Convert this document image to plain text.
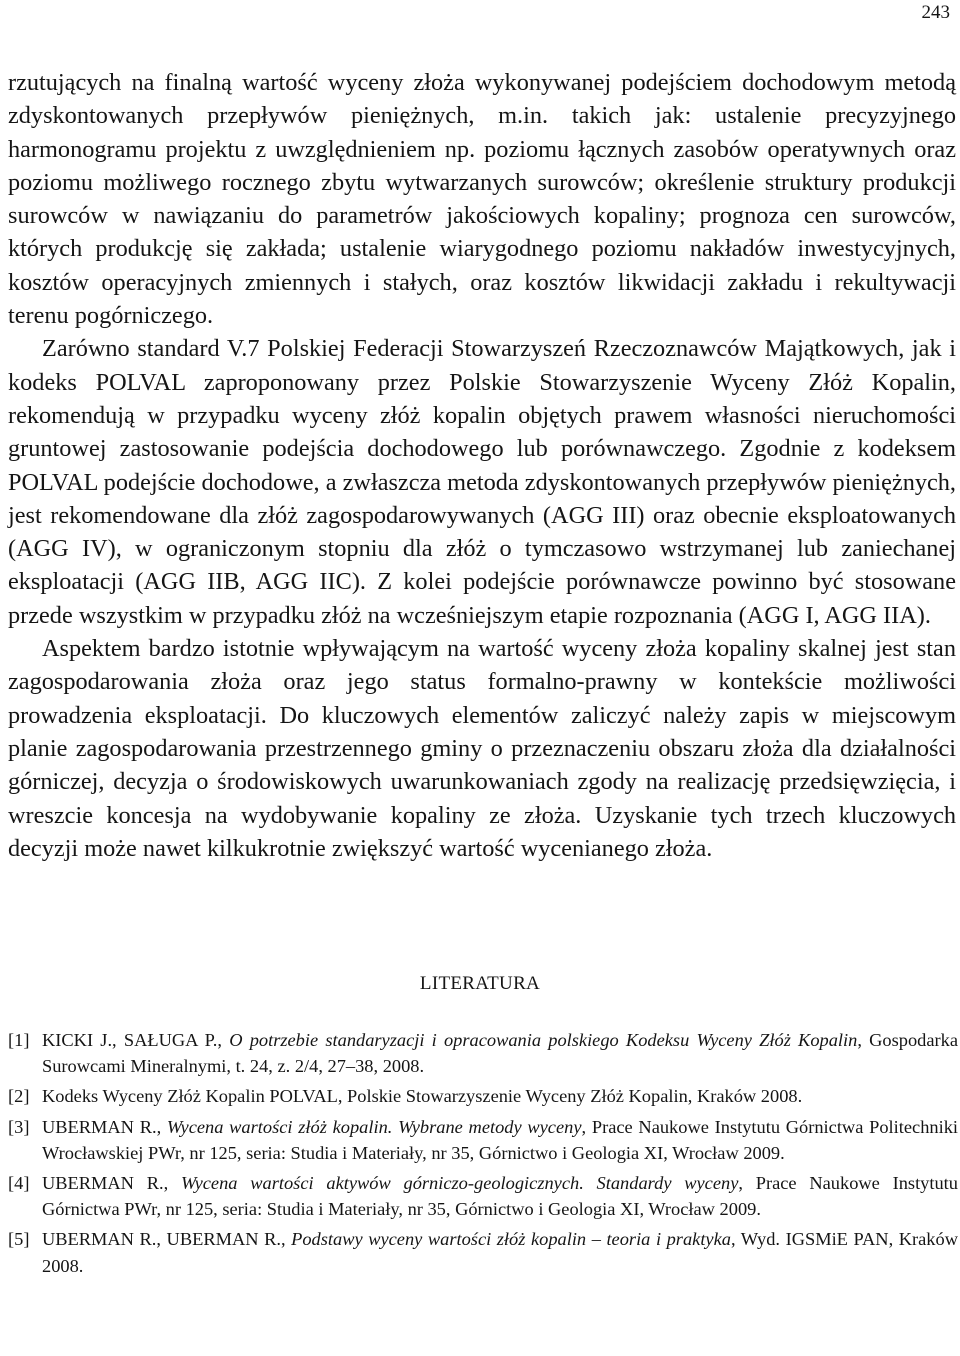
243

rzutujących na finalną wartość wyceny złoża wykonywanej podejściem dochodowym metodą zdyskontowanych przepływów pieniężnych, m.in. takich jak: ustalenie precyzyjnego harmonogramu projektu z uwzględnieniem np. poziomu łącznych zasobów operatywnych oraz poziomu możliwego rocznego zbytu wytwarzanych surowców; określenie struktury produkcji surowców w nawiązaniu do parametrów jakościowych kopaliny; prognoza cen surowców, których produkcję się zakłada; ustalenie wiarygodnego poziomu nakładów inwestycyjnych, kosztów operacyjnych zmiennych i stałych, oraz kosztów likwidacji zakładu i rekultywacji terenu pogórniczego.

Zarówno standard V.7 Polskiej Federacji Stowarzyszeń Rzeczoznawców Majątkowych, jak i kodeks POLVAL zaproponowany przez Polskie Stowarzyszenie Wyceny Złóż Kopalin, rekomendują w przypadku wyceny złóż kopalin objętych prawem własności nieruchomości gruntowej zastosowanie podejścia dochodowego lub porównawczego. Zgodnie z kodeksem POLVAL podejście dochodowe, a zwłaszcza metoda zdyskontowanych przepływów pieniężnych, jest rekomendowane dla złóż zagospodarowywanych (AGG III) oraz obecnie eksploatowanych (AGG IV), w ograniczonym stopniu dla złóż o tymczasowo wstrzymanej lub zaniechanej eksploatacji (AGG IIB, AGG IIC). Z kolei podejście porównawcze powinno być stosowane przede wszystkim w przypadku złóż na wcześniejszym etapie rozpoznania (AGG I, AGG IIA).

Aspektem bardzo istotnie wpływającym na wartość wyceny złoża kopaliny skalnej jest stan zagospodarowania złoża oraz jego status formalno-prawny w kontekście możliwości prowadzenia eksploatacji. Do kluczowych elementów zaliczyć należy zapis w miejscowym planie zagospodarowania przestrzennego gminy o przeznaczeniu obszaru złoża dla działalności górniczej, decyzja o środowiskowych uwarunkowaniach zgody na realizację przedsięwzięcia, i wreszcie koncesja na wydobywanie kopaliny ze złoża. Uzyskanie tych trzech kluczowych decyzji może nawet kilkukrotnie zwiększyć wartość wycenianego złoża.

LITERATURA
[1] KICKI J., SAŁUGA P., O potrzebie standaryzacji i opracowania polskiego Kodeksu Wyceny Złóż Kopalin, Gospodarka Surowcami Mineralnymi, t. 24, z. 2/4, 27–38, 2008.
[2] Kodeks Wyceny Złóż Kopalin POLVAL, Polskie Stowarzyszenie Wyceny Złóż Kopalin, Kraków 2008.
[3] UBERMAN R., Wycena wartości złóż kopalin. Wybrane metody wyceny, Prace Naukowe Instytutu Górnictwa Politechniki Wrocławskiej PWr, nr 125, seria: Studia i Materiały, nr 35, Górnictwo i Geologia XI, Wrocław 2009.
[4] UBERMAN R., Wycena wartości aktywów górniczo-geologicznych. Standardy wyceny, Prace Naukowe Instytutu Górnictwa PWr, nr 125, seria: Studia i Materiały, nr 35, Górnictwo i Geologia XI, Wrocław 2009.
[5] UBERMAN R., UBERMAN R., Podstawy wyceny wartości złóż kopalin – teoria i praktyka, Wyd. IGSMiE PAN, Kraków 2008.
